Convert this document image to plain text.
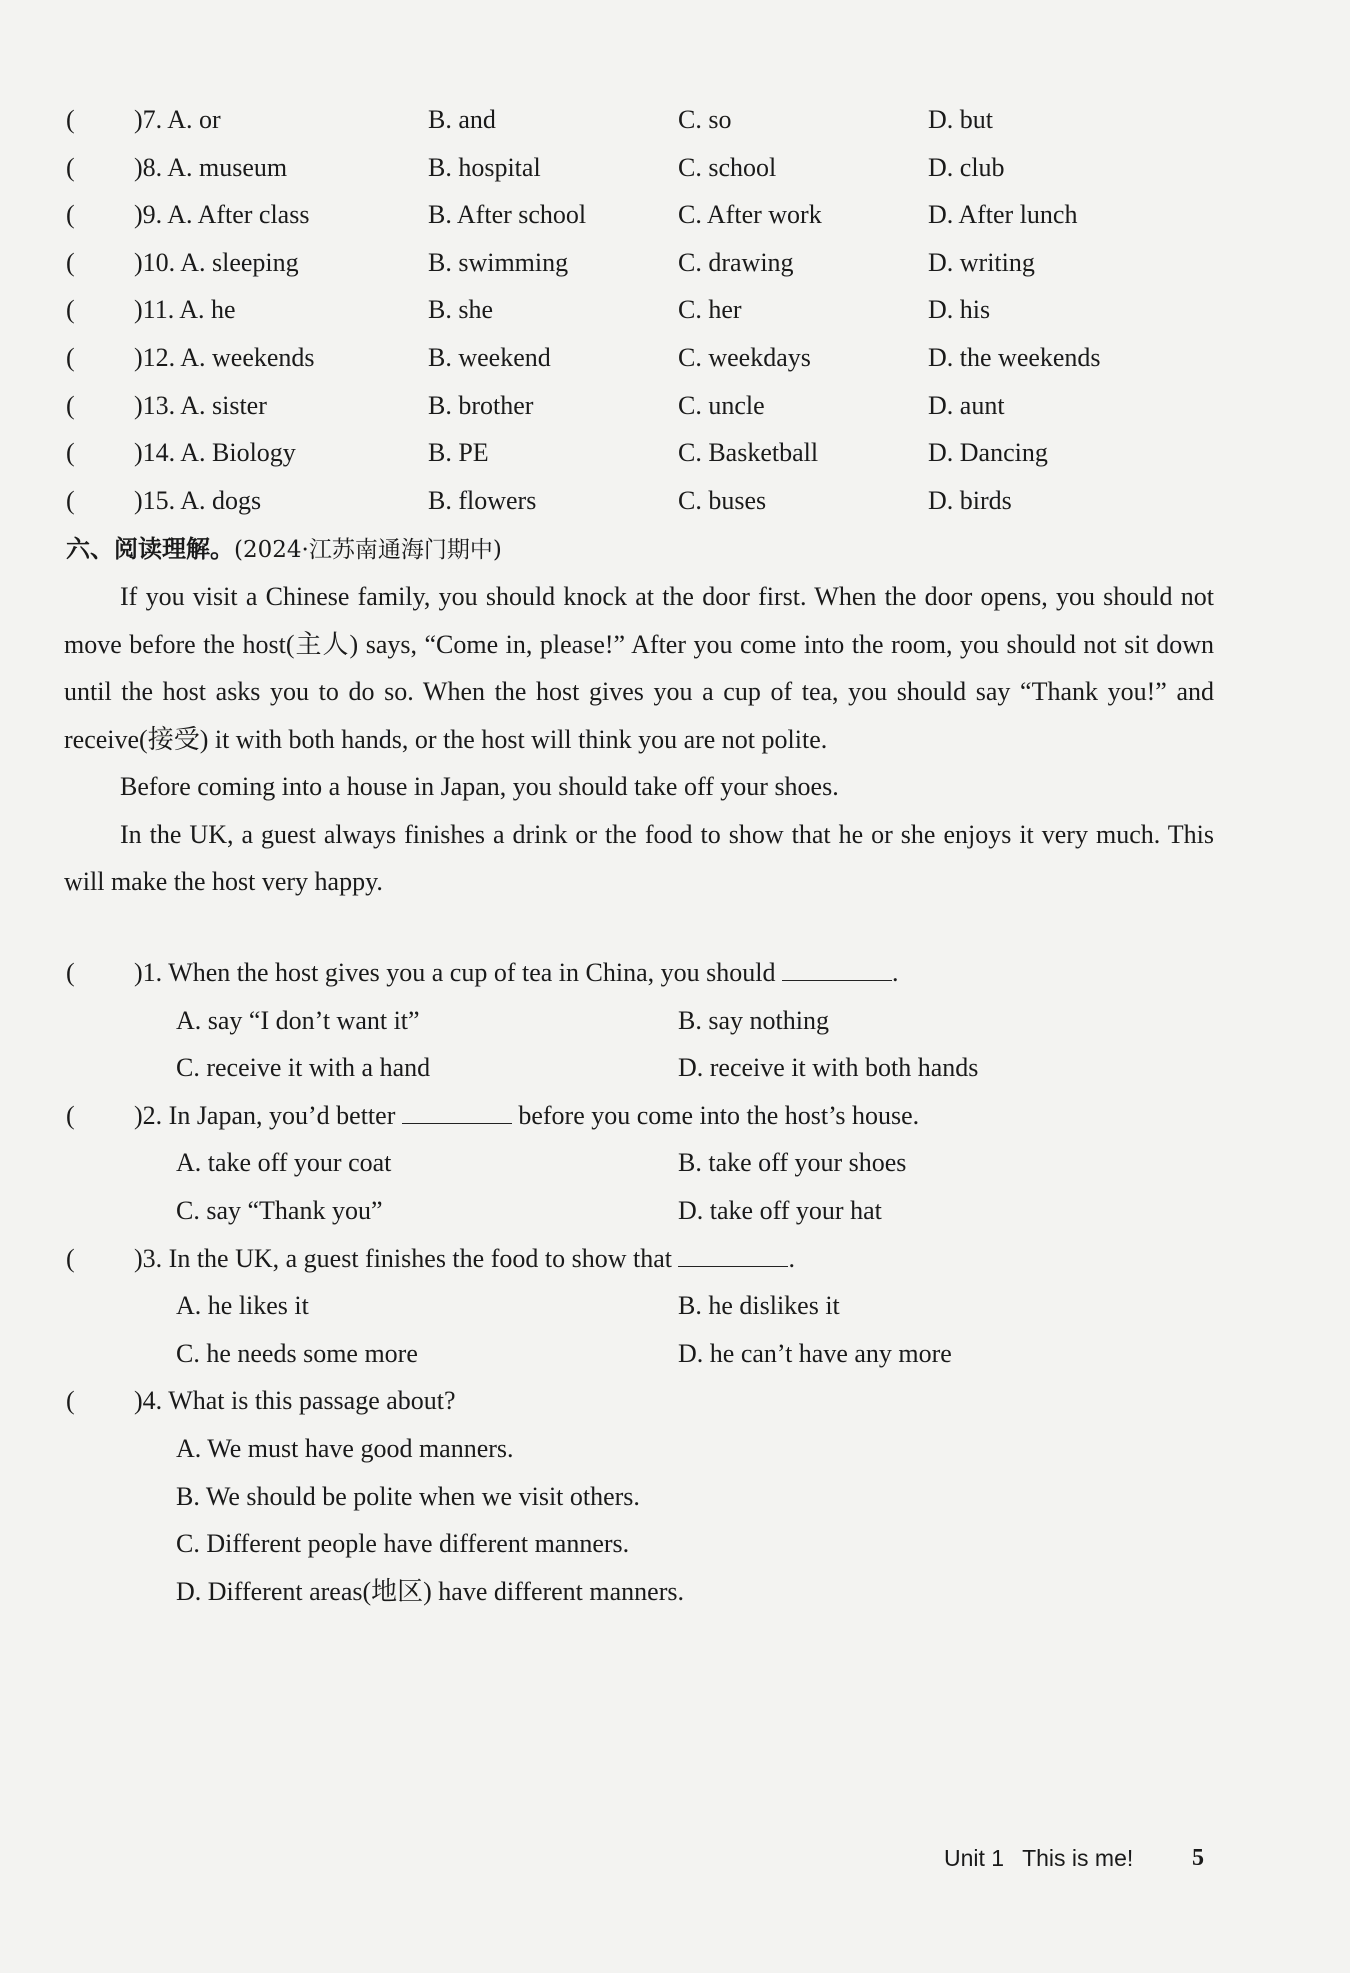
( )7. A. or	B. and	C. so	D. but
( )8. A. museum	B. hospital	C. school	D. club
( )9. A. After class	B. After school	C. After work	D. After lunch
( )10. A. sleeping	B. swimming	C. drawing	D. writing
( )11. A. he	B. she	C. her	D. his
( )12. A. weekends	B. weekend	C. weekdays	D. the weekends
( )13. A. sister	B. brother	C. uncle	D. aunt
( )14. A. Biology	B. PE	C. Basketball	D. Dancing
( )15. A. dogs	B. flowers	C. buses	D. birds
六、阅读理解。(2024·江苏南通海门期中)

If you visit a Chinese family, you should knock at the door first. When the door opens, you should not move before the host(主人) says, “Come in, please!” After you come into the room, you should not sit down until the host asks you to do so. When the host gives you a cup of tea, you should say “Thank you!” and receive(接受) it with both hands, or the host will think you are not polite.

Before coming into a house in Japan, you should take off your shoes.

In the UK, a guest always finishes a drink or the food to show that he or she enjoys it very much. This will make the host very happy.

( )1. When the host gives you a cup of tea in China, you should	.
A. say “I don’t want it”	B. say nothing
C. receive it with a hand	D. receive it with both hands
( )2. In Japan, you’d better	before you come into the host’s house.
A. take off your coat	B. take off your shoes
C. say “Thank you”	D. take off your hat
( )3. In the UK, a guest finishes the food to show that	.
A. he likes it	B. he dislikes it
C. he needs some more	D. he can’t have any more
( )4. What is this passage about?
A. We must have good manners.
B. We should be polite when we visit others.
C. Different people have different manners.
D. Different areas(地区) have different manners.
Unit 1 This is me! 5
